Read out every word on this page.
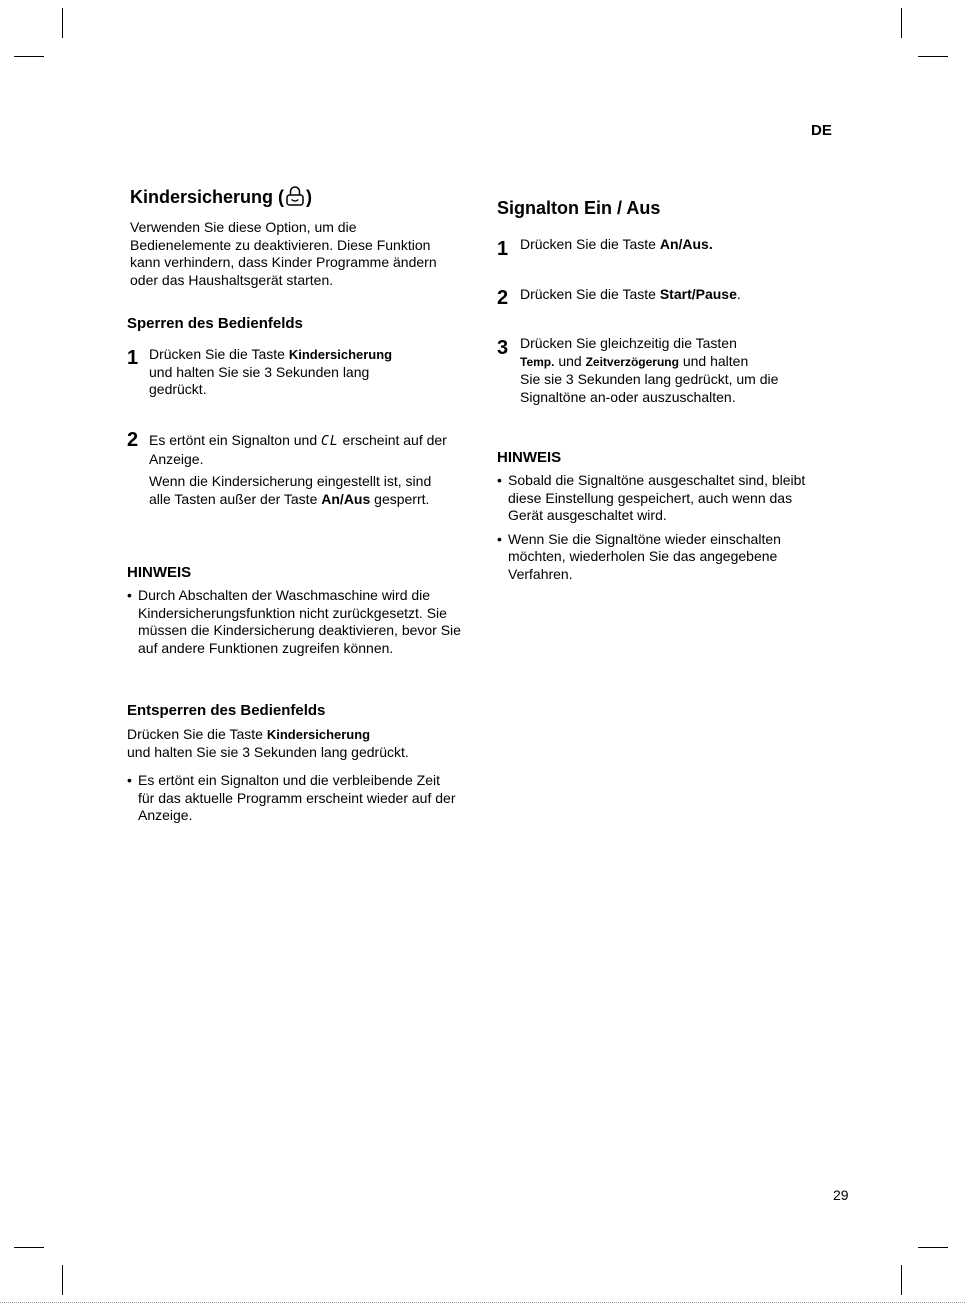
DE
29
Kindersicherung ( )

Verwenden Sie diese Option, um die Bedienelemente zu deaktivieren. Diese Funktion kann verhindern, dass Kinder Programme ändern oder das Haushaltsgerät starten.

Sperren des Bedienfelds
1 Drücken Sie die Taste Kindersicherung
und halten Sie sie 3 Sekunden lang gedrückt.

2 Es ertönt ein Signalton und CL erscheint auf der Anzeige.

Wenn die Kindersicherung eingestellt ist, sind alle Tasten außer der Taste An/Aus gesperrt.

HINWEIS
• Durch Abschalten der Waschmaschine wird die Kindersicherungsfunktion nicht zurückgesetzt. Sie müssen die Kindersicherung deaktivieren, bevor Sie auf andere Funktionen zugreifen können.
Entsperren des Bedienfelds

Drücken Sie die Taste Kindersicherung
und halten Sie sie 3 Sekunden lang gedrückt.

• Es ertönt ein Signalton und die verbleibende Zeit für das aktuelle Programm erscheint wieder auf der Anzeige.
Signalton Ein / Aus
1 Drücken Sie die Taste An/Aus.

2 Drücken Sie die Taste Start/Pause.

3 Drücken Sie gleichzeitig die Tasten
Temp. und Zeitverzögerung und halten
Sie sie 3 Sekunden lang gedrückt, um die Signaltöne an-oder auszuschalten.

HINWEIS
• Sobald die Signaltöne ausgeschaltet sind, bleibt diese Einstellung gespeichert, auch wenn das Gerät ausgeschaltet wird.
• Wenn Sie die Signaltöne wieder einschalten möchten, wiederholen Sie das angegebene Verfahren.
